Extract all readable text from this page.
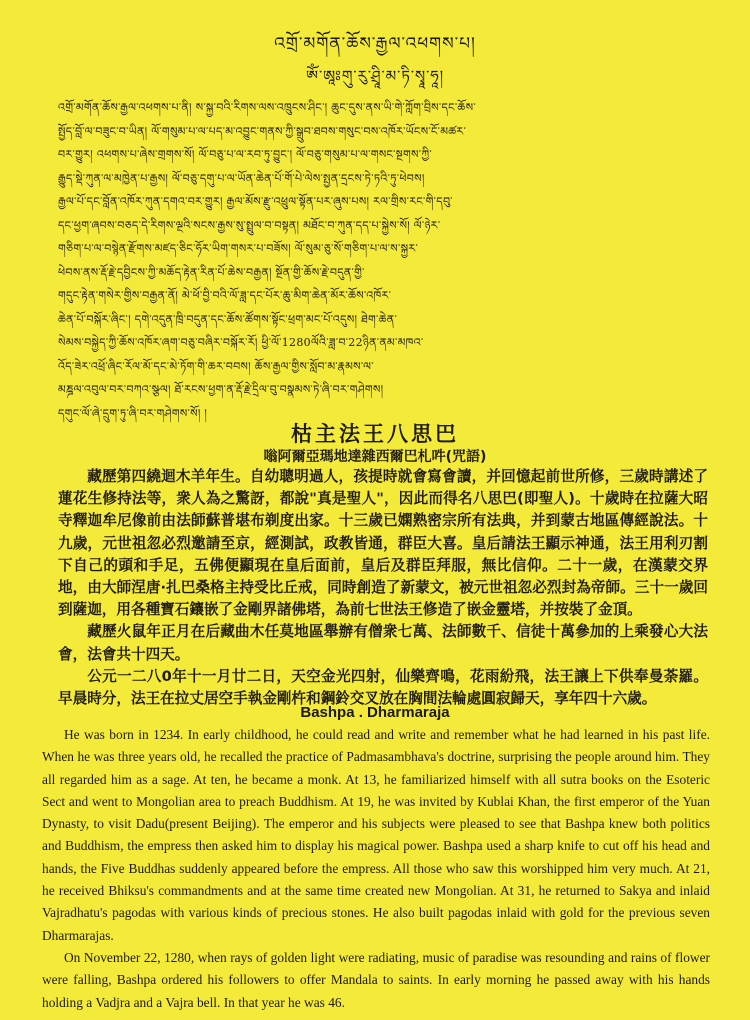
འགྲོ་མགོན་ཆོས་རྒྱལ་འཕགས་པ།
ཨོཾ་ཨཱཿགུ་རུ་ཤྲཱི་མ་ཏི་སྭཱ་ཧཱ།
འགྲོ་མགོན་ཆོས་རྒྱལ་འཕགས་པ་ནི། ས་སྐྱ་བའི་རིགས་ལས་འཁྲུངས་ཤིང་། ཆུང་དུས་ནས་ཡི་གེ་ཀློག་བྲིས་དང་ཆོས་
སྤྱོད་བློ་ལ་བཟུང་བ་ཡིན། ལོ་གསུམ་པ་ལ་པད་མ་འབྱུང་གནས་ཀྱི་སྒྲུབ་ཐབས་གསུང་བས་འཁོར་ཡོངས་ངོ་མཚར་
བར་གྱུར། འཕགས་པ་ཞེས་གྲགས་སོ། ལོ་བཅུ་པ་ལ་རབ་ཏུ་བྱུང་། ལོ་བཅུ་གསུམ་པ་ལ་གསང་སྔགས་ཀྱི་
རྒྱུད་སྡེ་ཀུན་ལ་མཁྱེན་པ་རྒྱས། ལོ་བཅུ་དགུ་པ་ལ་ཡོན་ཆེན་པོ་གོ་པེ་ལེས་སྤྱན་དྲངས་ཏེ་ཏའི་ཏུ་ཕེབས།
རྒྱལ་པོ་དང་བློན་འཁོར་ཀུན་དགའ་བར་གྱུར། རྒྱལ་མོས་རྫུ་འཕྲུལ་སྟོན་པར་ཞུས་པས། རལ་གྲིས་རང་གི་དབུ་
དང་ཕྱག་ཞབས་བཅད་དེ་རིགས་ལྔའི་སངས་རྒྱས་སུ་སྤྲུལ་བ་བསྟན། མཐོང་བ་ཀུན་དད་པ་སྐྱེས་སོ། ལོ་ཉེར་
གཅིག་པ་ལ་བསྙེན་རྫོགས་མཛད་ཅིང་ཧོར་ཡིག་གསར་པ་བཟོས། ལོ་སུམ་ཅུ་སོ་གཅིག་པ་ལ་ས་སྐྱར་
ཕེབས་ནས་རྡོ་རྗེ་དབྱིངས་ཀྱི་མཆོད་རྟེན་རིན་པོ་ཆེས་བརྒྱན། སྔོན་གྱི་ཆོས་རྗེ་བདུན་གྱི་
གདུང་རྟེན་གསེར་གྱིས་བརྒྱན་ནོ། མེ་ཕོ་བྱི་བའི་ལོ་ཟླ་དང་པོར་ཆུ་མིག་ཆེན་མོར་ཆོས་འཁོར་
ཆེན་པོ་བསྐོར་ཞིང་། དགེ་འདུན་ཁྲི་བདུན་དང་ཆོས་ཚོགས་སྟོང་ཕྲག་མང་པོ་འདུས། ཐེག་ཆེན་
སེམས་བསྐྱེད་ཀྱི་ཆོས་འཁོར་ཞག་བཅུ་བཞིར་བསྐོར་རོ། ཕྱི་ལོ་1280ལོའི་ཟླ་བ་22ཉིན་ནམ་མཁའ་
འོད་ཟེར་འཕྲོ་ཞིང་རོལ་མོ་དང་མེ་ཏོག་གི་ཆར་བབས། ཆོས་རྒྱལ་གྱིས་སློབ་མ་རྣམས་ལ་
མཎྜལ་འབུལ་བར་བཀའ་སྩལ། ཐོ་རངས་ཕྱག་ན་རྡོ་རྗེ་དྲིལ་བུ་བསྣམས་ཏེ་ཞི་བར་གཤེགས།
དགུང་ལོ་ཞེ་དྲུག་ཏུ་ཞི་བར་གཤེགས་སོ། །
枯主法王八思巴
嗡阿爾亞瑪地達雜西爾巴札吽(咒語)

藏歷第四繞迴木羊年生。自幼聰明過人，孩提時就會寫會讀，并回憶起前世所修，三歲時講述了蓮花生修持法等，衆人為之驚訝，都說"真是聖人"，因此而得名八思巴(即聖人)。十歲時在拉薩大昭寺釋迦牟尼像前由法師蘇普堪布剃度出家。十三歲已嫻熟密宗所有法典，并到蒙古地區傳經說法。十九歲，元世祖忽必烈邀請至京，經測試，政教皆通，群臣大喜。皇后請法王顯示神通，法王用利刃割下自己的頭和手足，五佛便顯現在皇后面前，皇后及群臣拜服，無比信仰。二十一歲，在漢蒙交界地，由大師涅唐·扎巴桑格主持受比丘戒，同時創造了新蒙文，被元世祖忽必烈封為帝師。三十一歲回到薩迦，用各種寶石鑲嵌了金剛界諸佛塔，為前七世法王修造了嵌金靈塔，并按裝了金頂。

藏歷火鼠年正月在后藏曲木任莫地區舉辦有僧衆七萬、法師數千、信徒十萬參加的上乘發心大法會，法會共十四天。

公元一二八0年十一月廿二日，天空金光四射，仙樂齊鳴，花雨紛飛，法王讓上下供奉曼荼羅。早晨時分，法王在拉丈居空手執金剛杵和鋼鈴交叉放在胸間法輪處圓寂歸天，享年四十六歲。

Bashpa . Dharmaraja

He was born in 1234. In early childhood, he could read and write and remember what he had learned in his past life. When he was three years old, he recalled the practice of Padmasambhava's doctrine, surprising the people around him. They all regarded him as a sage. At ten, he became a monk. At 13, he familiarized himself with all sutra books on the Esoteric Sect and went to Mongolian area to preach Buddhism. At 19, he was invited by Kublai Khan, the first emperor of the Yuan Dynasty, to visit Dadu(present Beijing). The emperor and his subjects were pleased to see that Bashpa knew both politics and Buddhism, the empress then asked him to display his magical power. Bashpa used a sharp knife to cut off his head and hands, the Five Buddhas suddenly appeared before the empress. All those who saw this worshipped him very much. At 21, he received Bhiksu's commandments and at the same time created new Mongolian. At 31, he returned to Sakya and inlaid Vajradhatu's pagodas with various kinds of precious stones. He also built pagodas inlaid with gold for the previous seven Dharmarajas.

On November 22, 1280, when rays of golden light were radiating, music of paradise was resounding and rains of flower were falling, Bashpa ordered his followers to offer Mandala to saints. In early morning he passed away with his hands holding a Vadjra and a Vajra bell. In that year he was 46.
